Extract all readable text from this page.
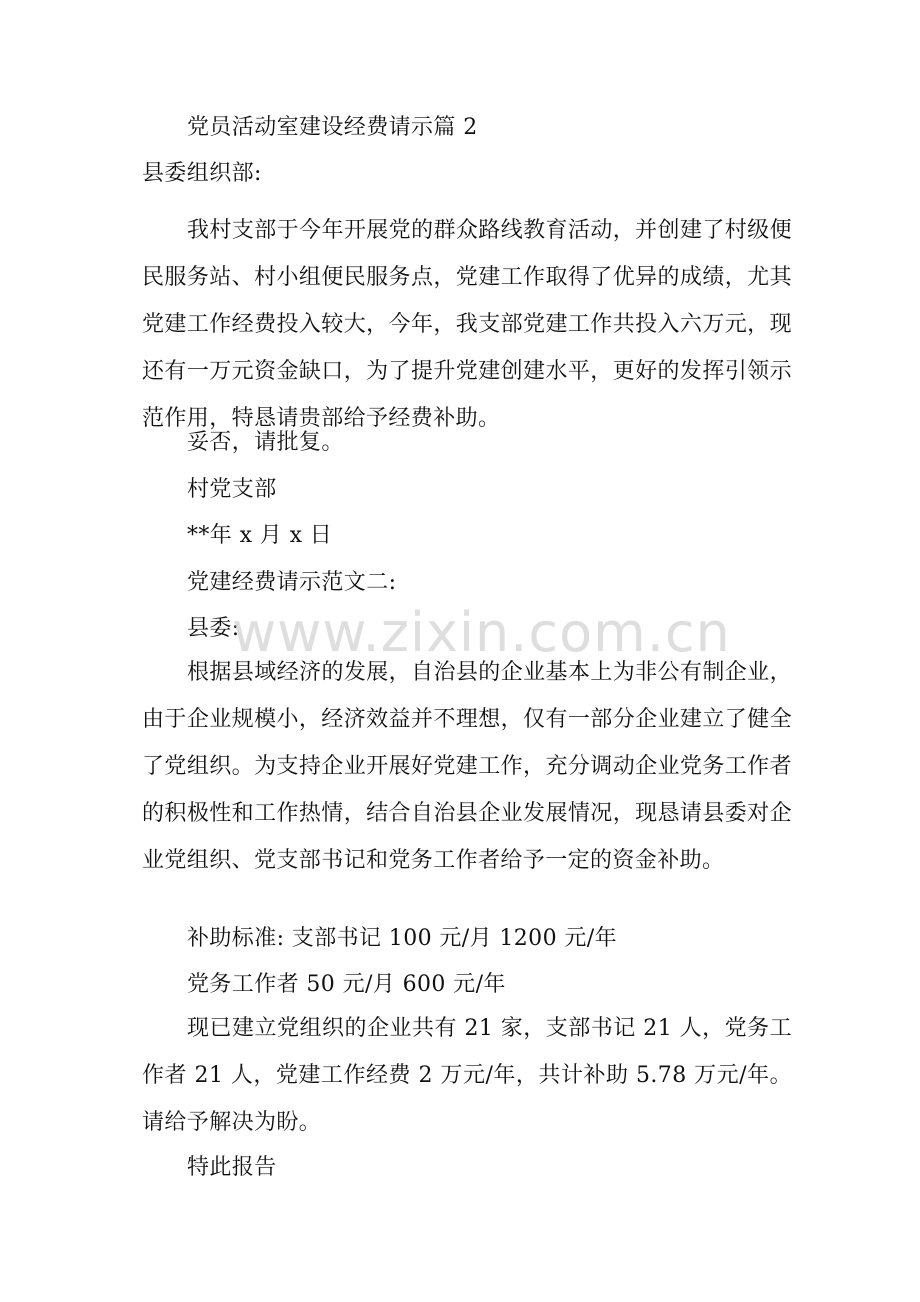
党员活动室建设经费请示篇 2
县委组织部:
我村支部于今年开展党的群众路线教育活动，并创建了村级便民服务站、村小组便民服务点，党建工作取得了优异的成绩，尤其党建工作经费投入较大，今年，我支部党建工作共投入六万元，现还有一万元资金缺口，为了提升党建创建水平，更好的发挥引领示范作用，特恳请贵部给予经费补助。
妥否，请批复。
村党支部
**年 x 月 x 日
党建经费请示范文二:
县委:
根据县域经济的发展，自治县的企业基本上为非公有制企业，由于企业规模小，经济效益并不理想，仅有一部分企业建立了健全了党组织。为支持企业开展好党建工作，充分调动企业党务工作者的积极性和工作热情，结合自治县企业发展情况，现恳请县委对企业党组织、党支部书记和党务工作者给予一定的资金补助。
补助标准: 支部书记 100 元/月 1200 元/年
党务工作者 50 元/月 600 元/年
现已建立党组织的企业共有 21 家，支部书记 21 人，党务工作者 21 人，党建工作经费 2 万元/年，共计补助 5.78 万元/年。请给予解决为盼。
特此报告
www.zixin.com.cn
